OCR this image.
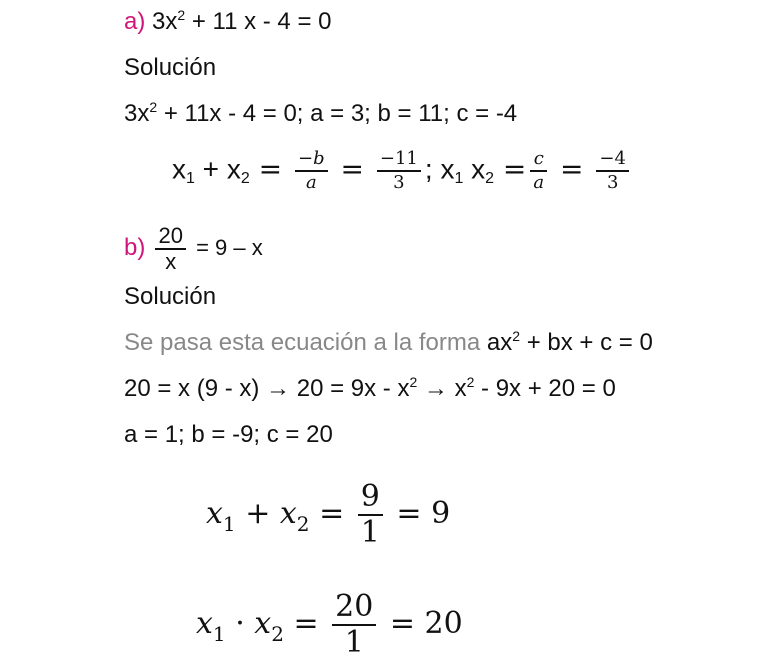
a) $3x^2 + 11$ x - 4 = 0
Solución
$3x^2 + 11x - 4 = 0$; a = 3; b = 11; c = -4
$x_1 + x_2 = \frac{-b}{a} = \frac{-11}{3}$ ; $x_1$ $x_2 = \frac{c}{a} = \frac{-4}{3}$
$b) \frac{20}{x} = 9 - x$
Solución
Se pasa esta ecuación a la forma $ax^2$ + bx + c = 0
20 = x $(9 - x) \to 20 = 9x - x^2 \to x^2 - 9x + 20 = 0$
a = 1; b = -9; c = 20
$x_1 + x_2 = \frac{9}{1} = 9$
$x_1 \cdot x_2 = \frac{20}{1} = 20$
